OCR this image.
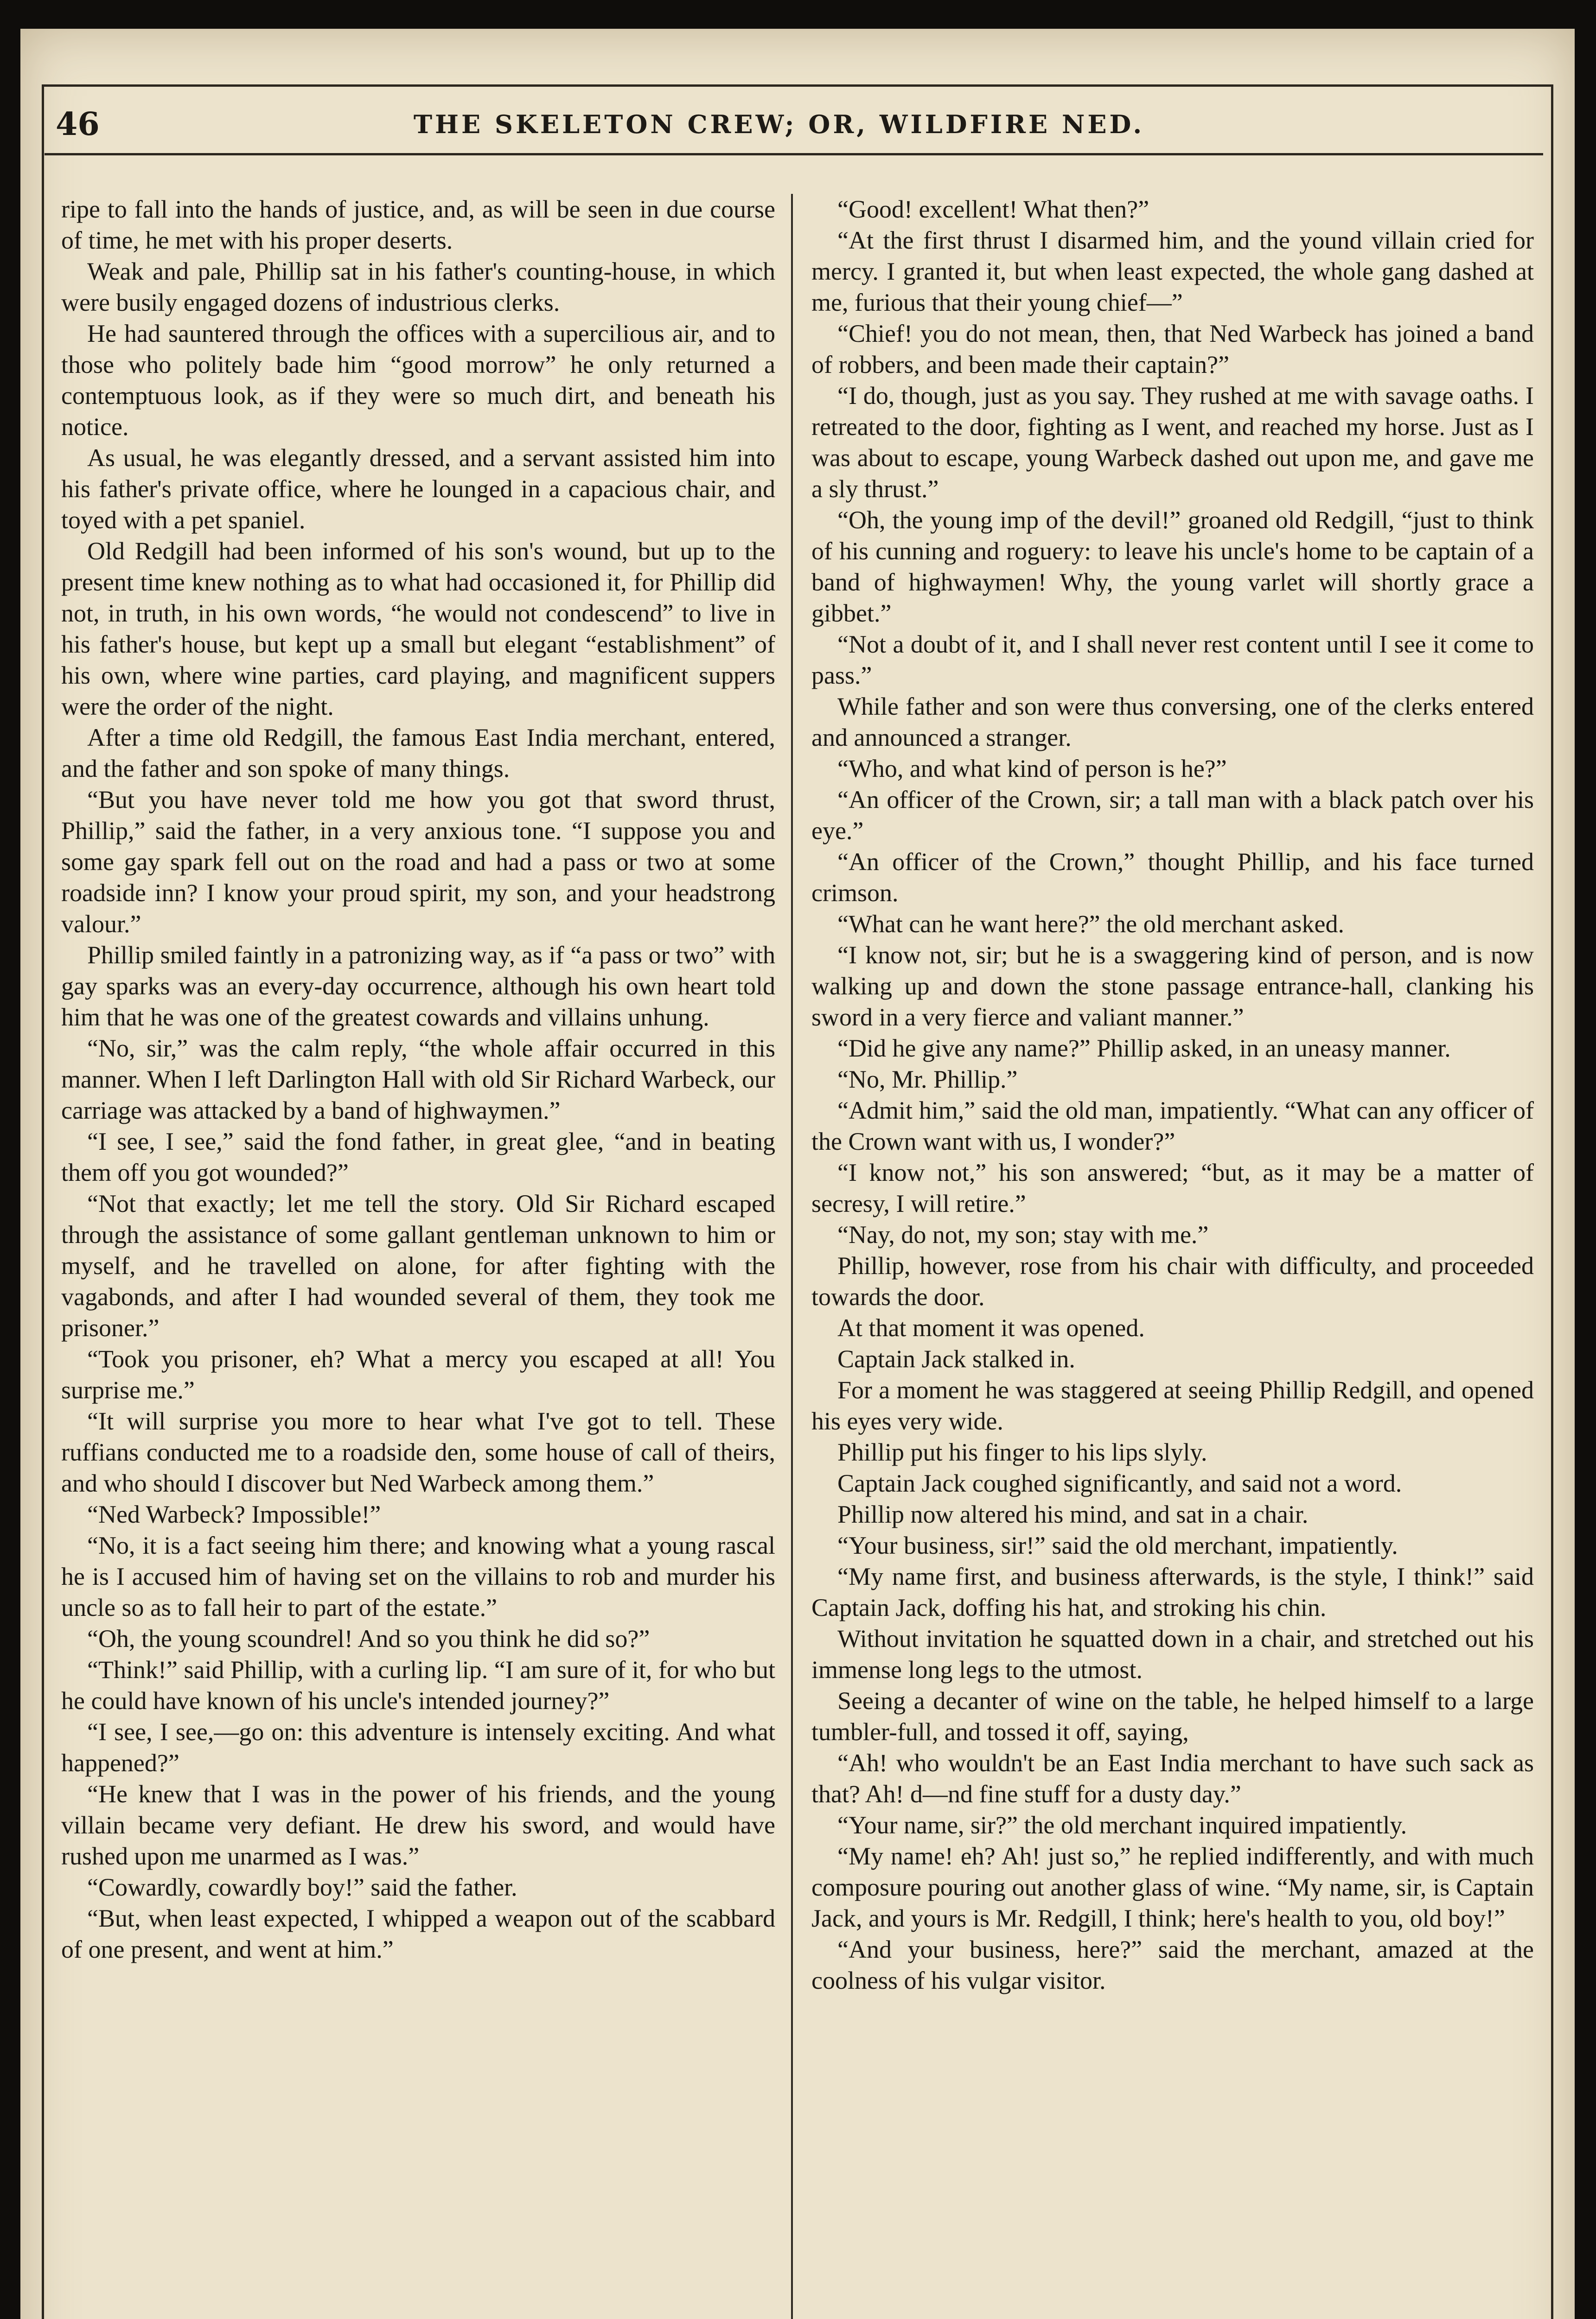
46	THE SKELETON CREW; OR, WILDFIRE NED.

ripe to fall into the hands of justice, and, as will be seen in due course of time, he met with his proper deserts.

Weak and pale, Phillip sat in his father's counting-house, in which were busily engaged dozens of industrious clerks.

He had sauntered through the offices with a supercilious air, and to those who politely bade him “good morrow” he only returned a contemptuous look, as if they were so much dirt, and beneath his notice.

As usual, he was elegantly dressed, and a servant assisted him into his father's private office, where he lounged in a capacious chair, and toyed with a pet spaniel.

Old Redgill had been informed of his son's wound, but up to the present time knew nothing as to what had occasioned it, for Phillip did not, in truth, in his own words, “he would not condescend” to live in his father's house, but kept up a small but elegant “establishment” of his own, where wine parties, card playing, and magnificent suppers were the order of the night.

After a time old Redgill, the famous East India merchant, entered, and the father and son spoke of many things.

“But you have never told me how you got that sword thrust, Phillip,” said the father, in a very anxious tone. “I suppose you and some gay spark fell out on the road and had a pass or two at some roadside inn? I know your proud spirit, my son, and your headstrong valour.”

Phillip smiled faintly in a patronizing way, as if “a pass or two” with gay sparks was an every-day occurrence, although his own heart told him that he was one of the greatest cowards and villains unhung.

“No, sir,” was the calm reply, “the whole affair occurred in this manner. When I left Darlington Hall with old Sir Richard Warbeck, our carriage was attacked by a band of highwaymen.”

“I see, I see,” said the fond father, in great glee, “and in beating them off you got wounded?”

“Not that exactly; let me tell the story. Old Sir Richard escaped through the assistance of some gallant gentleman unknown to him or myself, and he travelled on alone, for after fighting with the vagabonds, and after I had wounded several of them, they took me prisoner.”

“Took you prisoner, eh? What a mercy you escaped at all! You surprise me.”

“It will surprise you more to hear what I've got to tell. These ruffians conducted me to a roadside den, some house of call of theirs, and who should I discover but Ned Warbeck among them.”

“Ned Warbeck? Impossible!”

“No, it is a fact seeing him there; and knowing what a young rascal he is I accused him of having set on the villains to rob and murder his uncle so as to fall heir to part of the estate.”

“Oh, the young scoundrel! And so you think he did so?”

“Think!” said Phillip, with a curling lip. “I am sure of it, for who but he could have known of his uncle's intended journey?”

“I see, I see,—go on: this adventure is intensely exciting. And what happened?”

“He knew that I was in the power of his friends, and the young villain became very defiant. He drew his sword, and would have rushed upon me unarmed as I was.”

“Cowardly, cowardly boy!” said the father.

“But, when least expected, I whipped a weapon out of the scabbard of one present, and went at him.”

“Good! excellent! What then?”

“At the first thrust I disarmed him, and the yound villain cried for mercy. I granted it, but when least expected, the whole gang dashed at me, furious that their young chief—”

“Chief! you do not mean, then, that Ned Warbeck has joined a band of robbers, and been made their captain?”

“I do, though, just as you say. They rushed at me with savage oaths. I retreated to the door, fighting as I went, and reached my horse. Just as I was about to escape, young Warbeck dashed out upon me, and gave me a sly thrust.”

“Oh, the young imp of the devil!” groaned old Redgill, “just to think of his cunning and roguery: to leave his uncle's home to be captain of a band of highwaymen! Why, the young varlet will shortly grace a gibbet.”

“Not a doubt of it, and I shall never rest content until I see it come to pass.”

While father and son were thus conversing, one of the clerks entered and announced a stranger.

“Who, and what kind of person is he?”

“An officer of the Crown, sir; a tall man with a black patch over his eye.”

“An officer of the Crown,” thought Phillip, and his face turned crimson.

“What can he want here?” the old merchant asked.

“I know not, sir; but he is a swaggering kind of person, and is now walking up and down the stone passage entrance-hall, clanking his sword in a very fierce and valiant manner.”

“Did he give any name?” Phillip asked, in an uneasy manner.

“No, Mr. Phillip.”

“Admit him,” said the old man, impatiently. “What can any officer of the Crown want with us, I wonder?”

“I know not,” his son answered; “but, as it may be a matter of secresy, I will retire.”

“Nay, do not, my son; stay with me.”

Phillip, however, rose from his chair with difficulty, and proceeded towards the door.

At that moment it was opened.

Captain Jack stalked in.

For a moment he was staggered at seeing Phillip Redgill, and opened his eyes very wide.

Phillip put his finger to his lips slyly.

Captain Jack coughed significantly, and said not a word.

Phillip now altered his mind, and sat in a chair.

“Your business, sir!” said the old merchant, impatiently.

“My name first, and business afterwards, is the style, I think!” said Captain Jack, doffing his hat, and stroking his chin.

Without invitation he squatted down in a chair, and stretched out his immense long legs to the utmost.

Seeing a decanter of wine on the table, he helped himself to a large tumbler-full, and tossed it off, saying,

“Ah! who wouldn't be an East India merchant to have such sack as that? Ah! d—nd fine stuff for a dusty day.”

“Your name, sir?” the old merchant inquired impatiently.

“My name! eh? Ah! just so,” he replied indifferently, and with much composure pouring out another glass of wine. “My name, sir, is Captain Jack, and yours is Mr. Redgill, I think; here's health to you, old boy!”

“And your business, here?” said the merchant, amazed at the coolness of his vulgar visitor.
